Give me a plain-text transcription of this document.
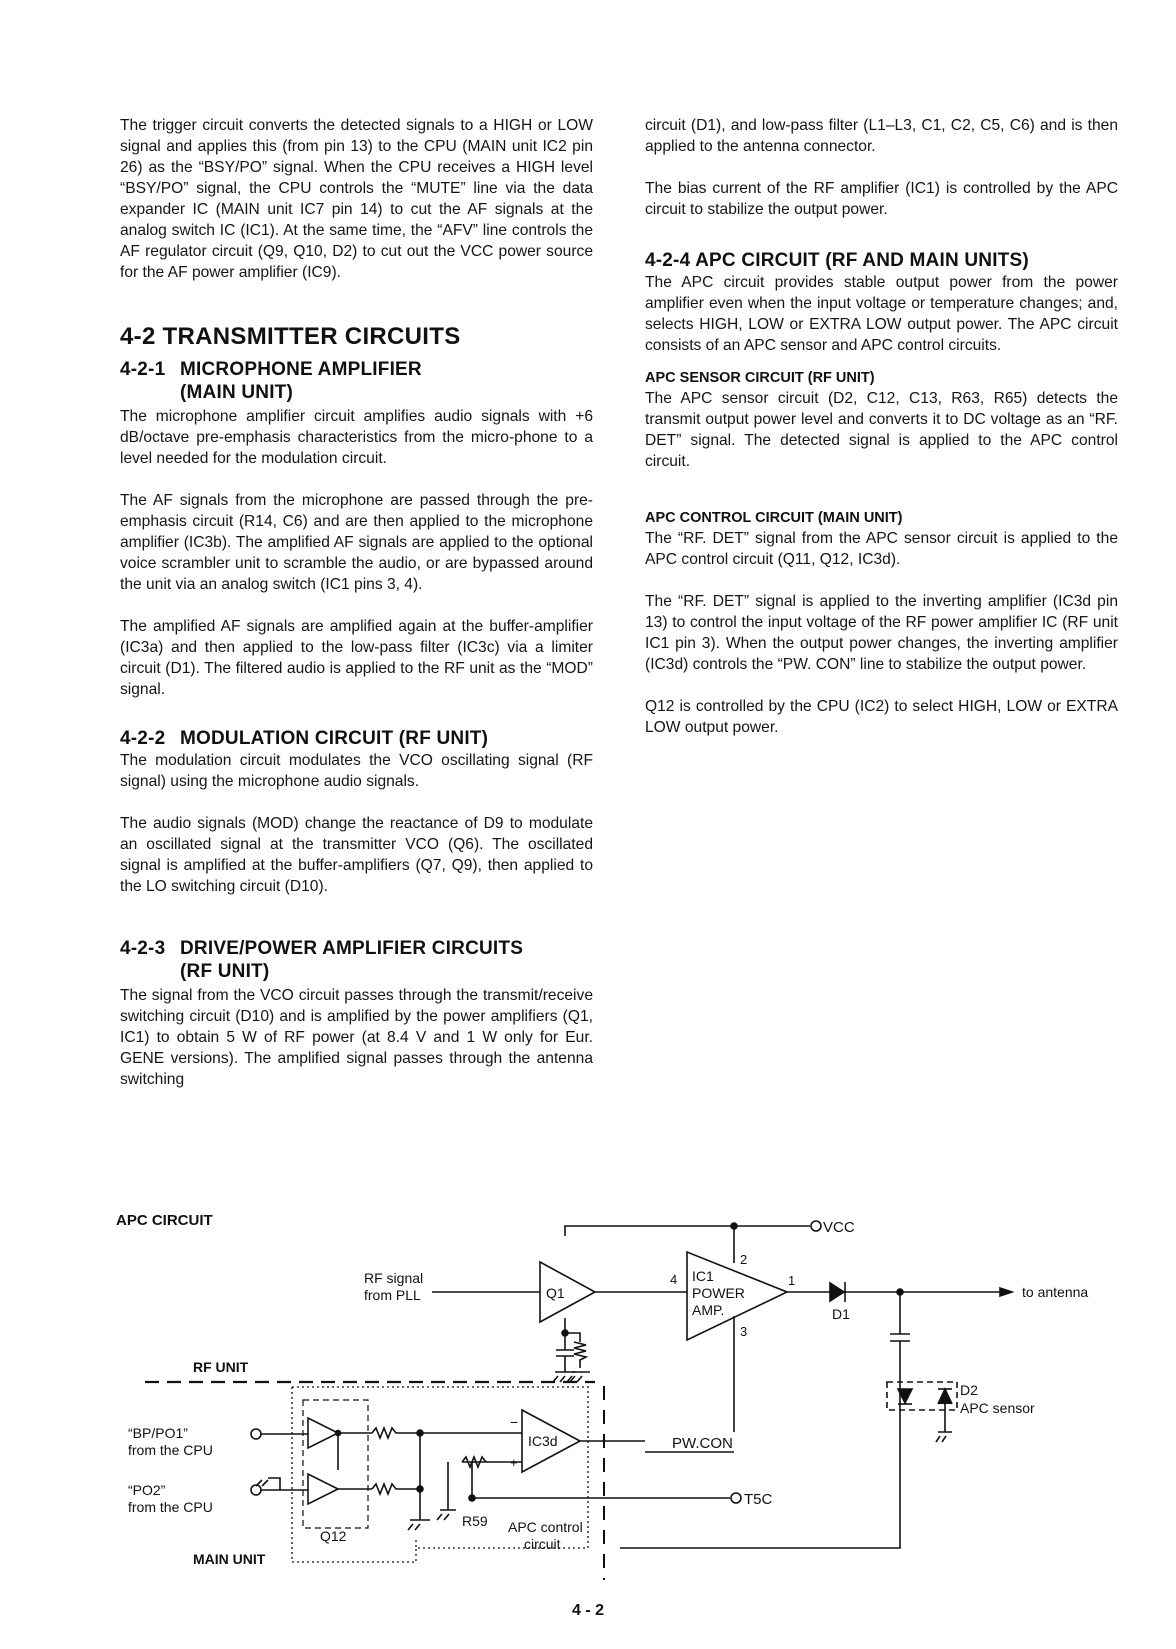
The trigger circuit converts the detected signals to a HIGH or LOW signal and applies this (from pin 13) to the CPU (MAIN unit IC2 pin 26) as the “BSY/PO” signal. When the CPU receives a HIGH level “BSY/PO” signal, the CPU controls the “MUTE” line via the data expander IC (MAIN unit IC7 pin 14) to cut the AF signals at the analog switch IC (IC1). At the same time, the “AFV” line controls the AF regulator circuit (Q9, Q10, D2) to cut out the VCC power source for the AF power amplifier (IC9).

4-2 TRANSMITTER CIRCUITS
4-2-1 MICROPHONE AMPLIFIER
(MAIN UNIT)

The microphone amplifier circuit amplifies audio signals with +6 dB/octave pre-emphasis characteristics from the micro-phone to a level needed for the modulation circuit.

The AF signals from the microphone are passed through the pre-emphasis circuit (R14, C6) and are then applied to the microphone amplifier (IC3b). The amplified AF signals are applied to the optional voice scrambler unit to scramble the audio, or are bypassed around the unit via an analog switch (IC1 pins 3, 4).

The amplified AF signals are amplified again at the buffer-amplifier (IC3a) and then applied to the low-pass filter (IC3c) via a limiter circuit (D1). The filtered audio is applied to the RF unit as the “MOD” signal.

4-2-2 MODULATION CIRCUIT (RF UNIT)

The modulation circuit modulates the VCO oscillating signal (RF signal) using the microphone audio signals.

The audio signals (MOD) change the reactance of D9 to modulate an oscillated signal at the transmitter VCO (Q6). The oscillated signal is amplified at the buffer-amplifiers (Q7, Q9), then applied to the LO switching circuit (D10).

4-2-3 DRIVE/POWER AMPLIFIER CIRCUITS
(RF UNIT)

The signal from the VCO circuit passes through the transmit/receive switching circuit (D10) and is amplified by the power amplifiers (Q1, IC1) to obtain 5 W of RF power (at 8.4 V and 1 W only for Eur. GENE versions). The amplified signal passes through the antenna switching

circuit (D1), and low-pass filter (L1–L3, C1, C2, C5, C6) and is then applied to the antenna connector.

The bias current of the RF amplifier (IC1) is controlled by the APC circuit to stabilize the output power.

4-2-4 APC CIRCUIT (RF AND MAIN UNITS)

The APC circuit provides stable output power from the power amplifier even when the input voltage or temperature changes; and, selects HIGH, LOW or EXTRA LOW output power. The APC circuit consists of an APC sensor and APC control circuits.

APC SENSOR CIRCUIT (RF UNIT)

The APC sensor circuit (D2, C12, C13, R63, R65) detects the transmit output power level and converts it to DC voltage as an “RF. DET” signal. The detected signal is applied to the APC control circuit.

APC CONTROL CIRCUIT (MAIN UNIT)

The “RF. DET” signal from the APC sensor circuit is applied to the APC control circuit (Q11, Q12, IC3d).

The “RF. DET” signal is applied to the inverting amplifier (IC3d pin 13) to control the input voltage of the RF power amplifier IC (RF unit IC1 pin 3). When the output power changes, the inverting amplifier (IC3d) controls the “PW. CON” line to stabilize the output power.

Q12 is controlled by the CPU (IC2) to select HIGH, LOW or EXTRA LOW output power.

APC CIRCUIT	VCC
RF signal
from PLL	Q1
4 IC1
POWER
AMP.
2
1
3
D1
to antenna
D2
APC sensor
RF UNIT
MAIN UNIT
Q12
“BP/PO1”
from the CPU
“PO2”
from the CPU
IC3d
−
+
R59
T5C
APC control
circuit
PW.CON
4 - 2
